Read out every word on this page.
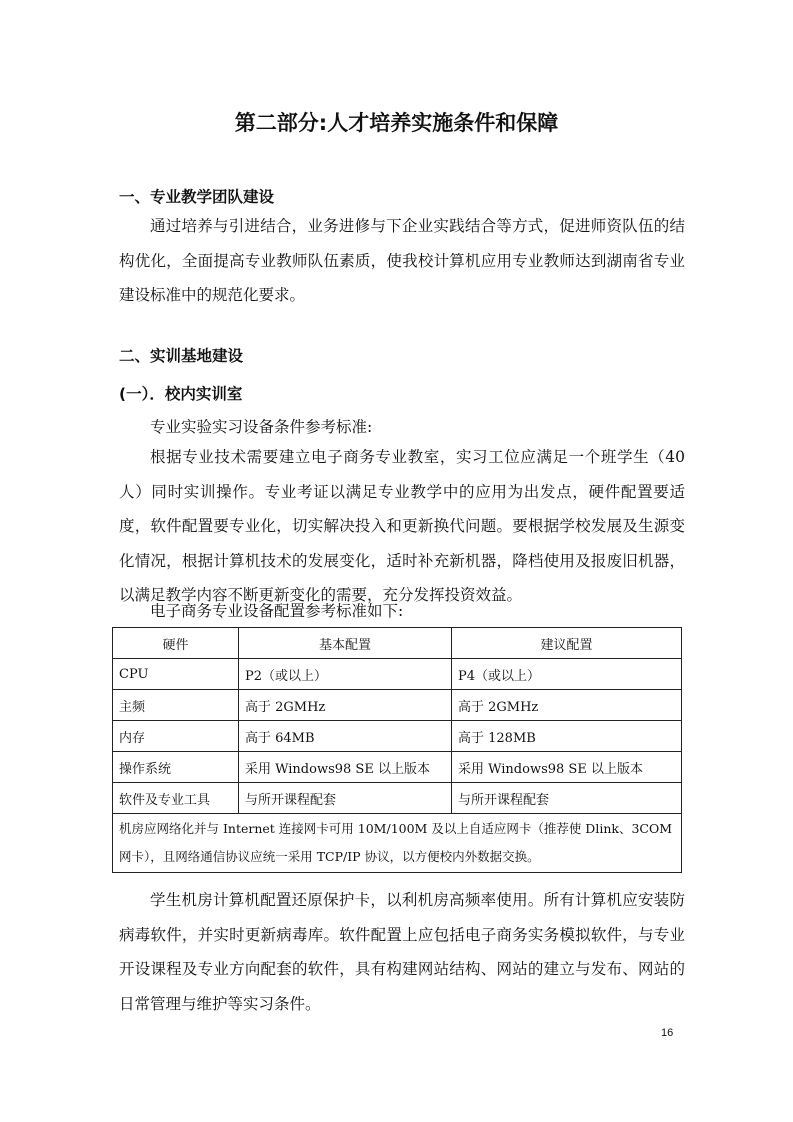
第二部分:人才培养实施条件和保障
一、专业教学团队建设

通过培养与引进结合，业务进修与下企业实践结合等方式，促进师资队伍的结构优化，全面提高专业教师队伍素质，使我校计算机应用专业教师达到湖南省专业建设标准中的规范化要求。

二、实训基地建设
(一）．校内实训室

专业实验实习设备条件参考标准:

根据专业技术需要建立电子商务专业教室，实习工位应满足一个班学生（40人）同时实训操作。专业考证以满足专业教学中的应用为出发点，硬件配置要适度，软件配置要专业化，切实解决投入和更新换代问题。要根据学校发展及生源变化情况，根据计算机技术的发展变化，适时补充新机器，降档使用及报废旧机器，以满足教学内容不断更新变化的需要，充分发挥投资效益。

电子商务专业设备配置参考标准如下:

硬件	基本配置	建议配置
CPU	P2（或以上）	P4（或以上）
主频	高于 2GMHz	高于 2GMHz
内存	高于 64MB	高于 128MB
操作系统	采用 Windows98 SE 以上版本	采用 Windows98 SE 以上版本
软件及专业工具	与所开课程配套	与所开课程配套
机房应网络化并与 Internet 连接网卡可用 10M/100M 及以上自适应网卡（推荐使 Dlink、3COM 网卡），且网络通信协议应统一采用 TCP/IP 协议，以方便校内外数据交换。		

学生机房计算机配置还原保护卡，以利机房高频率使用。所有计算机应安装防病毒软件，并实时更新病毒库。软件配置上应包括电子商务实务模拟软件，与专业开设课程及专业方向配套的软件，具有构建网站结构、网站的建立与发布、网站的日常管理与维护等实习条件。

16
